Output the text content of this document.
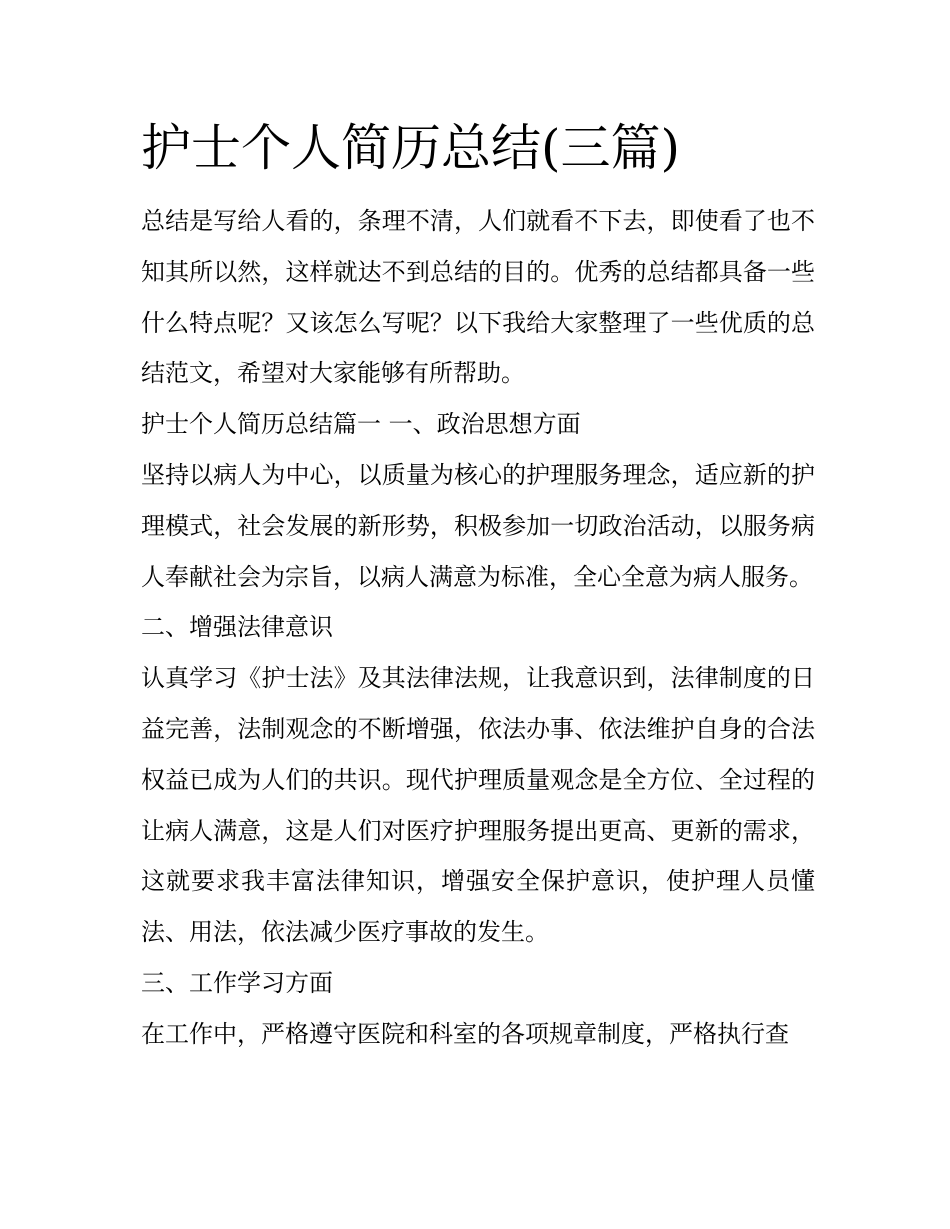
护士个人简历总结(三篇)

总结是写给人看的，条理不清，人们就看不下去，即使看了也不知其所以然，这样就达不到总结的目的。优秀的总结都具备一些什么特点呢？又该怎么写呢？以下我给大家整理了一些优质的总结范文，希望对大家能够有所帮助。

护士个人简历总结篇一 一、政治思想方面

坚持以病人为中心，以质量为核心的护理服务理念，适应新的护理模式，社会发展的新形势，积极参加一切政治活动，以服务病人奉献社会为宗旨，以病人满意为标准，全心全意为病人服务。

二、增强法律意识

认真学习《护士法》及其法律法规，让我意识到，法律制度的日益完善，法制观念的不断增强，依法办事、依法维护自身的合法权益已成为人们的共识。现代护理质量观念是全方位、全过程的让病人满意，这是人们对医疗护理服务提出更高、更新的需求，这就要求我丰富法律知识，增强安全保护意识，使护理人员懂法、用法，依法减少医疗事故的发生。

三、工作学习方面

在工作中，严格遵守医院和科室的各项规章制度，严格执行查
